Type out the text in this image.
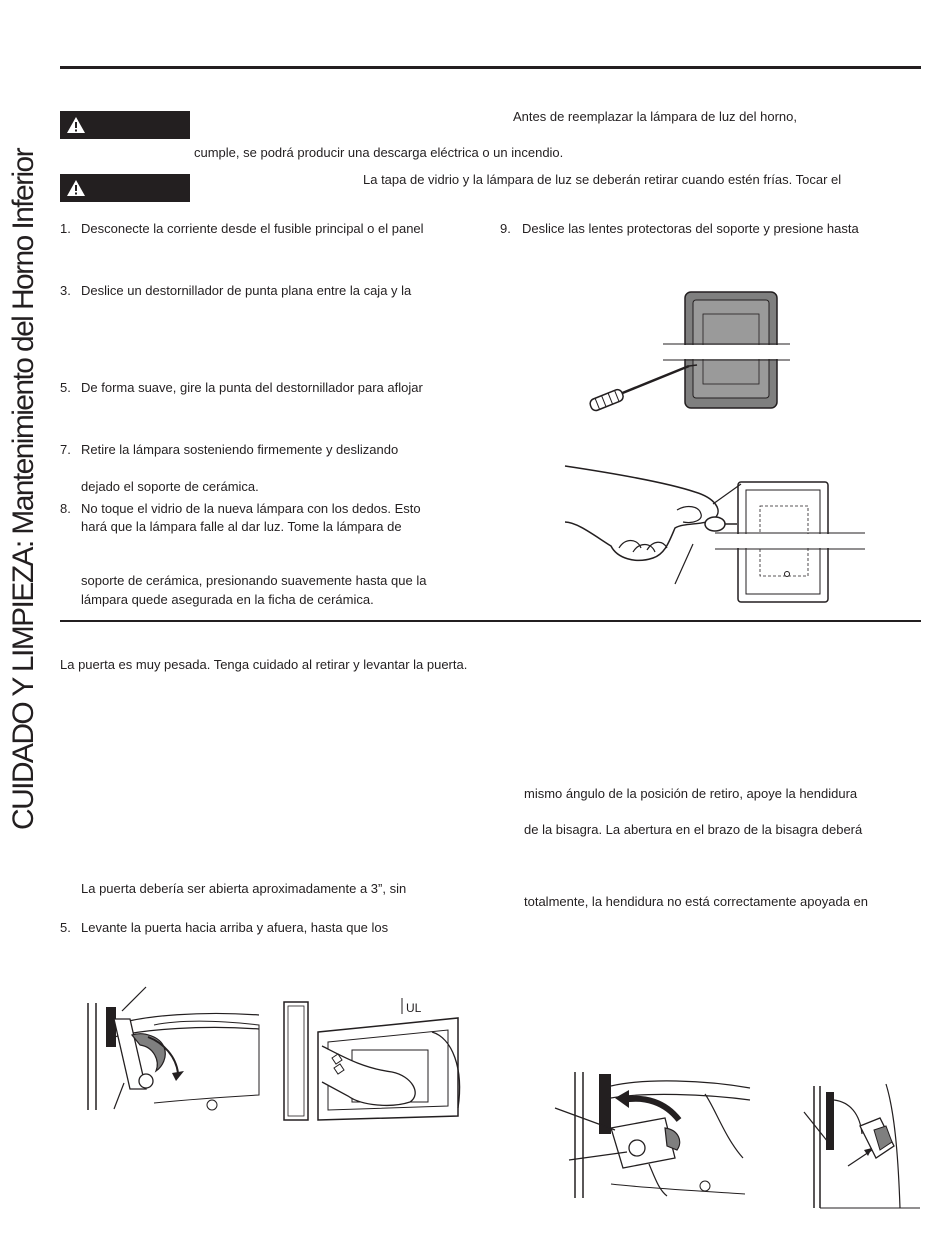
CUIDADO Y LIMPIEZA: Mantenimiento del Horno Inferior
Antes de reemplazar la lámpara de luz del horno,
cumple, se podrá producir una descarga eléctrica o un incendio.
La tapa de vidrio y la lámpara de luz se deberán retirar cuando estén frías. Tocar el
1. Desconecte la corriente desde el fusible principal o el panel
3. Deslice un destornillador de punta plana entre la caja y la
5. De forma suave, gire la punta del destornillador para aflojar
7. Retire la lámpara sosteniendo firmemente y deslizando
dejado el soporte de cerámica.
8. No toque el vidrio de la nueva lámpara con los dedos. Esto
hará que la lámpara falle al dar luz. Tome la lámpara de
soporte de cerámica, presionando suavemente hasta que la
lámpara quede asegurada en la ficha de cerámica.
9. Deslice las lentes protectoras del soporte y presione hasta
La puerta es muy pesada. Tenga cuidado al retirar y levantar la puerta.
mismo ángulo de la posición de retiro, apoye la hendidura
de la bisagra. La abertura en el brazo de la bisagra deberá
La puerta debería ser abierta aproximadamente a 3”, sin
totalmente, la hendidura no está correctamente apoyada en
5. Levante la puerta hacia arriba y afuera, hasta que los
UL
